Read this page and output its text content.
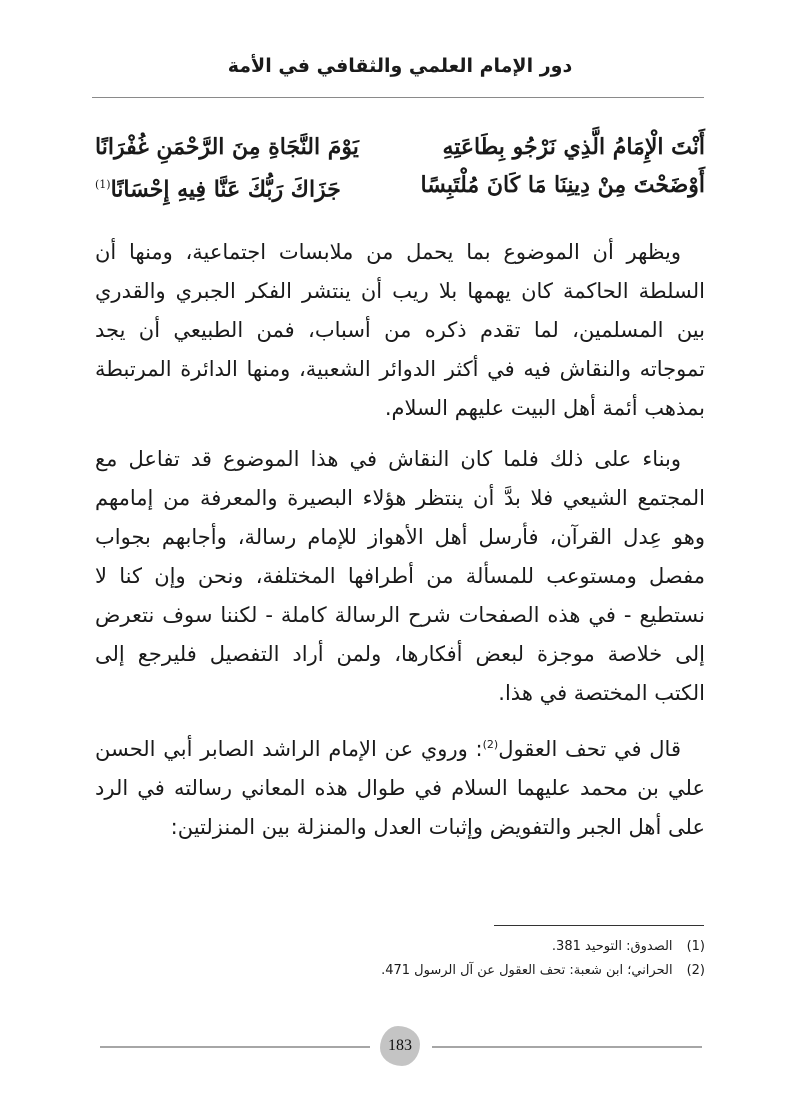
دور الإمام العلمي والثقافي في الأمة
أَنْتَ الْإِمَامُ الَّذِي نَرْجُو بِطَاعَتِهِ
يَوْمَ النَّجَاةِ مِنَ الرَّحْمَنِ غُفْرَانًا
أَوْضَحْتَ مِنْ دِينِنَا مَا كَانَ مُلْتَبِسًا
جَزَاكَ رَبُّكَ عَنَّا فِيهِ إِحْسَانًا$^{(1)}$

ويظهر أن الموضوع بما يحمل من ملابسات اجتماعية، ومنها أن السلطة الحاكمة كان يهمها بلا ريب أن ينتشر الفكر الجبري والقدري بين المسلمين، لما تقدم ذكره من أسباب، فمن الطبيعي أن يجد تموجاته والنقاش فيه في أكثر الدوائر الشعبية، ومنها الدائرة المرتبطة بمذهب أئمة أهل البيت عليهم السلام.

وبناء على ذلك فلما كان النقاش في هذا الموضوع قد تفاعل مع المجتمع الشيعي فلا بدَّ أن ينتظر هؤلاء البصيرة والمعرفة من إمامهم وهو عِدل القرآن، فأرسل أهل الأهواز للإمام رسالة، وأجابهم بجواب مفصل ومستوعب للمسألة من أطرافها المختلفة، ونحن وإن كنا لا نستطيع - في هذه الصفحات شرح الرسالة كاملة - لكننا سوف نتعرض إلى خلاصة موجزة لبعض أفكارها، ولمن أراد التفصيل فليرجع إلى الكتب المختصة في هذا.

قال في تحف العقول$^{(2)}$: وروي عن الإمام الراشد الصابر أبي الحسن علي بن محمد عليهما السلام في طوال هذه المعاني رسالته في الرد على أهل الجبر والتفويض وإثبات العدل والمنزلة بين المنزلتين:

(1)
الصدوق: التوحيد 381.
(2)
الحراني؛ ابن شعبة: تحف العقول عن آل الرسول 471.
183
